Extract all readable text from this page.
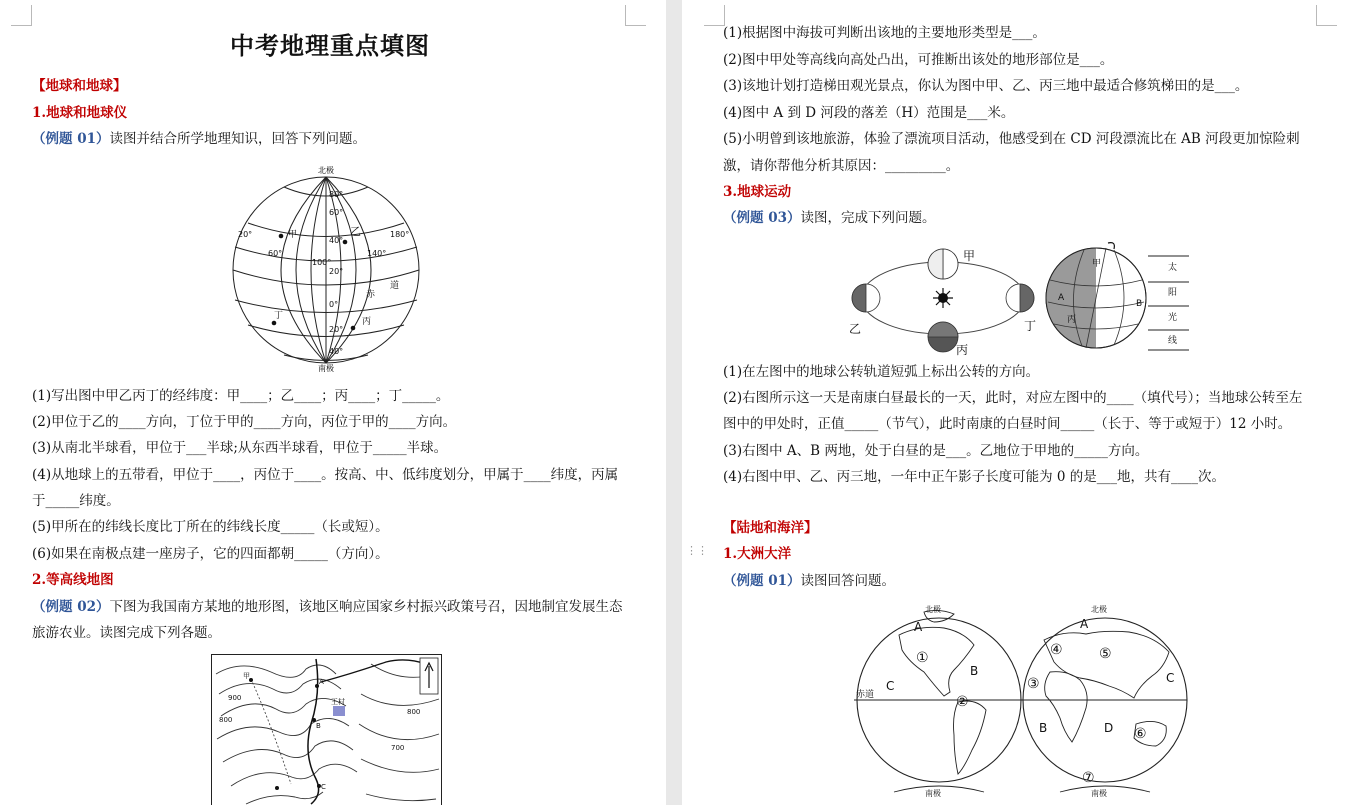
中考地理重点填图
【地球和地球】
1.地球和地球仪
（例题 01）读图并结合所学地理知识，回答下列问题。
北极
南极
80°
60°
40°
20°
0°
20°
40°
20°
60°
100°
140°
180°
甲	乙
丙
丁
赤
道
(1)写出图中甲乙丙丁的经纬度：甲____；乙____；丙____；丁_____。
(2)甲位于乙的____方向，丁位于甲的____方向，丙位于甲的____方向。
(3)从南北半球看，甲位于___半球;从东西半球看，甲位于_____半球。
(4)从地球上的五带看，甲位于____，丙位于____。按高、中、低纬度划分，甲属于____纬度，丙属
于_____纬度。
(5)甲所在的纬线长度比丁所在的纬线长度_____（长或短）。
(6)如果在南极点建一座房子，它的四面都朝_____（方向）。
2.等高线地图
（例题 02）下图为我国南方某地的地形图，该地区响应国家乡村振兴政策号召，因地制宜发展生态
旅游农业。读图完成下列各题。
900
800
800
700
甲
王村
A
B
C
(1)根据图中海拔可判断出该地的主要地形类型是___。
(2)图中甲处等高线向高处凸出，可推断出该处的地形部位是___。
(3)该地计划打造梯田观光景点，你认为图中甲、乙、丙三地中最适合修筑梯田的是___。
(4)图中 A 到 D 河段的落差（H）范围是___米。
(5)小明曾到该地旅游，体验了漂流项目活动，他感受到在 CD 河段漂流比在 AB 河段更加惊险刺
激，请你帮他分析其原因：_________。
3.地球运动
（例题 03）读图，完成下列问题。
甲
乙
丙
丁
A
B
甲
丙
太
阳
光
线
(1)在左图中的地球公转轨道短弧上标出公转的方向。
(2)右图所示这一天是南康白昼最长的一天，此时，对应左图中的____（填代号）；当地球公转至左
图中的甲处时，正值_____（节气），此时南康的白昼时间_____（长于、等于或短于）12 小时。
(3)右图中 A、B 两地，处于白昼的是___。乙地位于甲地的_____方向。
(4)右图中甲、乙、丙三地，一年中正午影子长度可能为 0 的是___地，共有____次。
【陆地和海洋】
1.大洲大洋
（例题 01）读图回答问题。
北极	北极
南极	南极
赤道
A
B
C
A
B
C
D
①
②
③
④	⑤
⑥
⑦
⋮⋮
